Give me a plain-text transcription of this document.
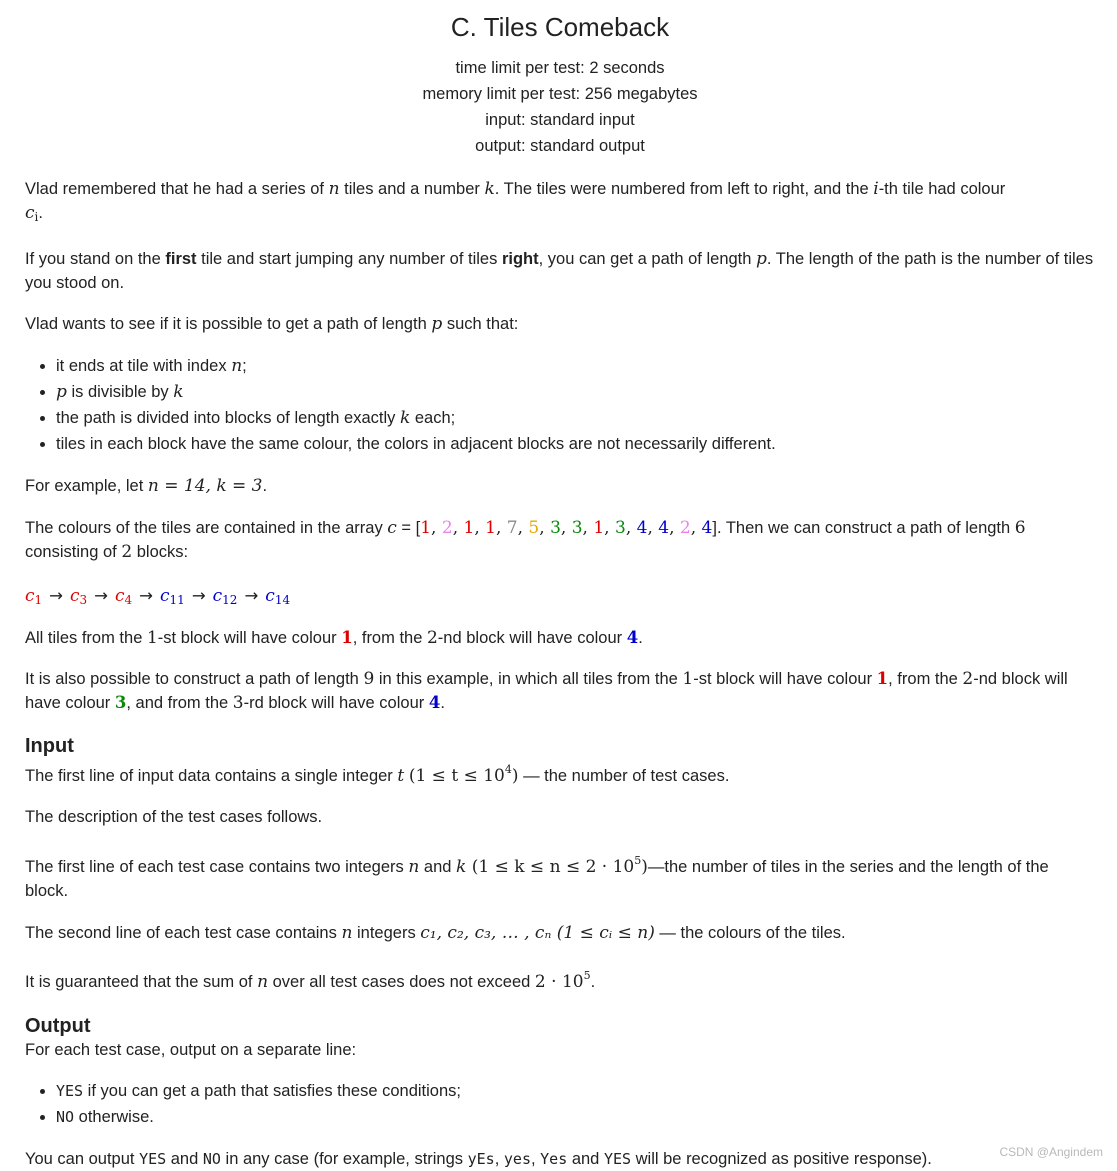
C. Tiles Comeback
time limit per test: 2 seconds
memory limit per test: 256 megabytes
input: standard input
output: standard output

Vlad remembered that he had a series of n tiles and a number k. The tiles were numbered from left to right, and the i-th tile had colour
$c_i$.

If you stand on the first tile and start jumping any number of tiles right, you can get a path of length p. The length of the path is the number of tiles you stood on.

Vlad wants to see if it is possible to get a path of length p such that:

• it ends at tile with index n;
• p is divisible by k
• the path is divided into blocks of length exactly k each;
• tiles in each block have the same colour, the colors in adjacent blocks are not necessarily different.

For example, let n = 14, k = 3.

The colours of the tiles are contained in the array c = [1, 2, 1, 1, 7, 5, 3, 3, 1, 3, 4, 4, 2, 4]. Then we can construct a path of length 6
consisting of 2 blocks:

$c_1 \to c_3 \to c_4 \to c_{11} \to c_{12} \to c_{14}$

All tiles from the 1-st block will have colour 1, from the 2-nd block will have colour 4.

It is also possible to construct a path of length 9 in this example, in which all tiles from the 1-st block will have colour 1, from the 2-nd block will have colour 3, and from the 3-rd block will have colour 4.

Input

The first line of input data contains a single integer t $(1 \le t \le 10^4)$ — the number of test cases.

The description of the test cases follows.

The first line of each test case contains two integers n and k $(1 \le k \le n \le 2 \cdot 10^5)—the$ number of tiles in the series and the length of the block.

The second line of each test case contains n integers c₁, c₂, c₃, … , cₙ (1 ≤ cᵢ ≤ n) — the colours of the tiles.

It is guaranteed that the sum of n over all test cases does not exceed $2 \cdot 10^5$.

Output

For each test case, output on a separate line:

• YES if you can get a path that satisfies these conditions;
• NO otherwise.

You can output YES and NO in any case (for example, strings yEs, yes, Yes and YES will be recognized as positive response).	CSDN @Angindem
